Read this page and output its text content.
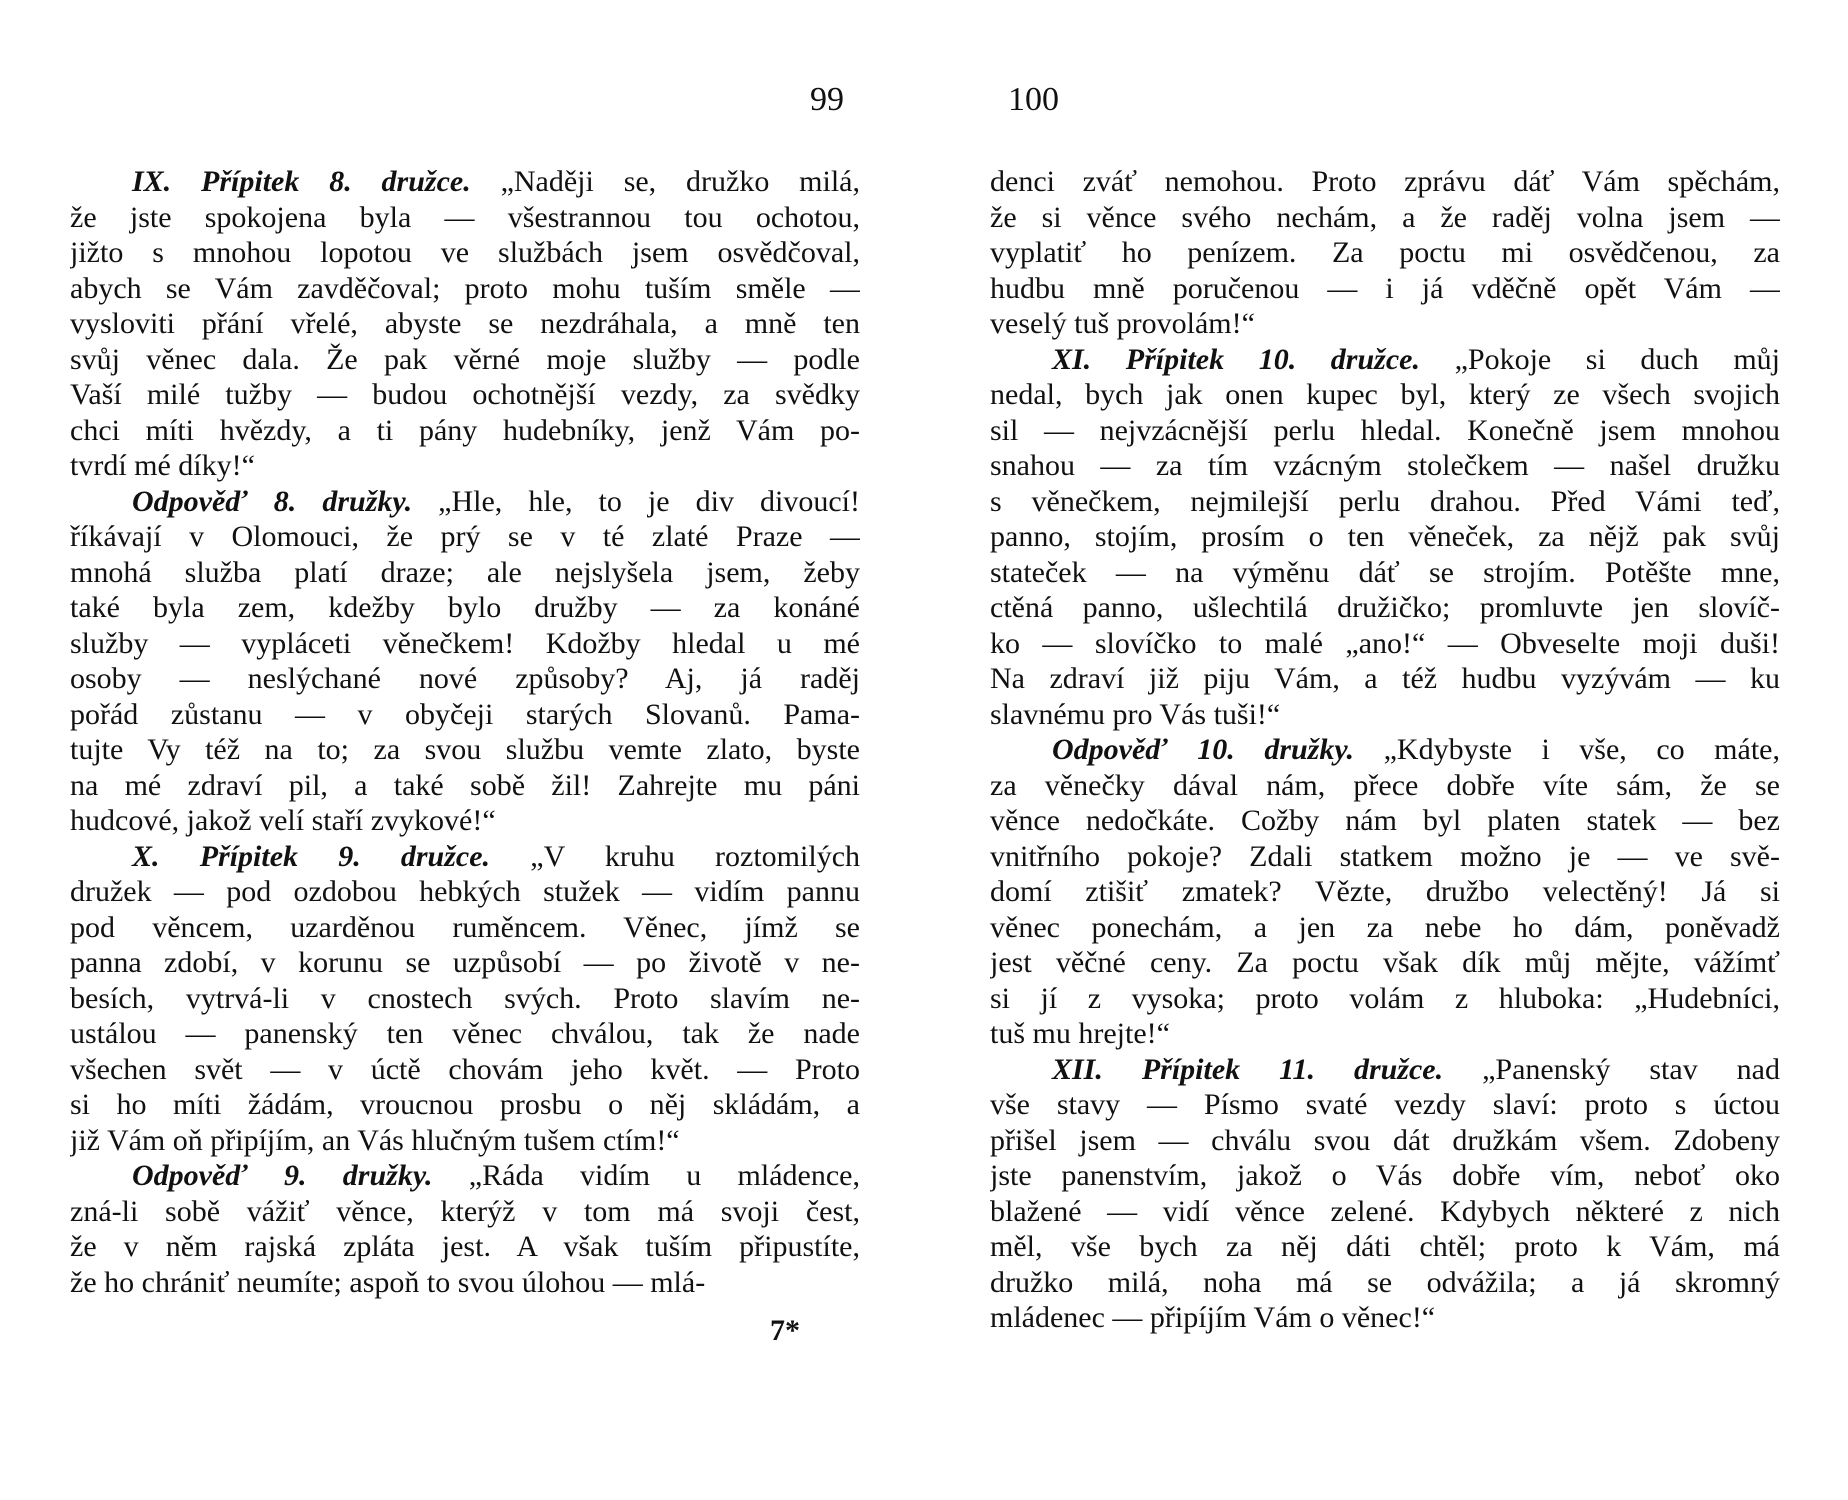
99
IX. Přípitek 8. družce. „Naději se, družko milá,
že jste spokojena byla — všestrannou tou ochotou,
jižto s mnohou lopotou ve službách jsem osvědčoval,
abych se Vám zavděčoval; proto mohu tuším směle —
vysloviti přání vřelé, abyste se nezdráhala, a mně ten
svůj věnec dala. Že pak věrné moje služby — podle
Vaší milé tužby — budou ochotnější vezdy, za svědky
chci míti hvězdy, a ti pány hudebníky, jenž Vám po-
tvrdí mé díky!“
Odpověď 8. družky. „Hle, hle, to je div divoucí!
říkávají v Olomouci, že prý se v té zlaté Praze —
mnohá služba platí draze; ale nejslyšela jsem, žeby
také byla zem, kdežby bylo družby — za konáné
služby — vypláceti věnečkem! Kdožby hledal u mé
osoby — neslýchané nové způsoby? Aj, já raděj
pořád zůstanu — v obyčeji starých Slovanů. Pama-
tujte Vy též na to; za svou službu vemte zlato, byste
na mé zdraví pil, a také sobě žil! Zahrejte mu páni
hudcové, jakož velí staří zvykové!“
X. Přípitek 9. družce. „V kruhu roztomilých
družek — pod ozdobou hebkých stužek — vidím pannu
pod věncem, uzarděnou ruměncem. Věnec, jímž se
panna zdobí, v korunu se uzpůsobí — po životě v ne-
besích, vytrvá-li v cnostech svých. Proto slavím ne-
ustálou — panenský ten věnec chválou, tak že nade
všechen svět — v úctě chovám jeho květ. — Proto
si ho míti žádám, vroucnou prosbu o něj skládám, a
již Vám oň připíjím, an Vás hlučným tušem ctím!“
Odpověď 9. družky. „Ráda vidím u mládence,
zná-li sobě vážiť věnce, kterýž v tom má svoji čest,
že v něm rajská zpláta jest. A však tuším připustíte,
že ho chrániť neumíte; aspoň to svou úlohou — mlá-
7*
100
denci zváť nemohou. Proto zprávu dáť Vám spěchám,
že si věnce svého nechám, a že raděj volna jsem —
vyplatiť ho penízem. Za poctu mi osvědčenou, za
hudbu mně poručenou — i já vděčně opět Vám —
veselý tuš provolám!“
XI. Přípitek 10. družce. „Pokoje si duch můj
nedal, bych jak onen kupec byl, který ze všech svojich
sil — nejvzácnější perlu hledal. Konečně jsem mnohou
snahou — za tím vzácným stolečkem — našel družku
s věnečkem, nejmilejší perlu drahou. Před Vámi teď,
panno, stojím, prosím o ten věneček, za nějž pak svůj
stateček — na výměnu dáť se strojím. Potěšte mne,
ctěná panno, ušlechtilá družičko; promluvte jen slovíč-
ko — slovíčko to malé „ano!“ — Obveselte moji duši!
Na zdraví již piju Vám, a též hudbu vyzývám — ku
slavnému pro Vás tuši!“
Odpověď 10. družky. „Kdybyste i vše, co máte,
za věnečky dával nám, přece dobře víte sám, že se
věnce nedočkáte. Cožby nám byl platen statek — bez
vnitřního pokoje? Zdali statkem možno je — ve svě-
domí ztišiť zmatek? Vězte, družbo velectěný! Já si
věnec ponechám, a jen za nebe ho dám, poněvadž
jest věčné ceny. Za poctu však dík můj mějte, vážímť
si jí z vysoka; proto volám z hluboka: „Hudebníci,
tuš mu hrejte!“
XII. Přípitek 11. družce. „Panenský stav nad
vše stavy — Písmo svaté vezdy slaví: proto s úctou
přišel jsem — chválu svou dát družkám všem. Zdobeny
jste panenstvím, jakož o Vás dobře vím, neboť oko
blažené — vidí věnce zelené. Kdybych některé z nich
měl, vše bych za něj dáti chtěl; proto k Vám, má
družko milá, noha má se odvážila; a já skromný
mládenec — připíjím Vám o věnec!“
